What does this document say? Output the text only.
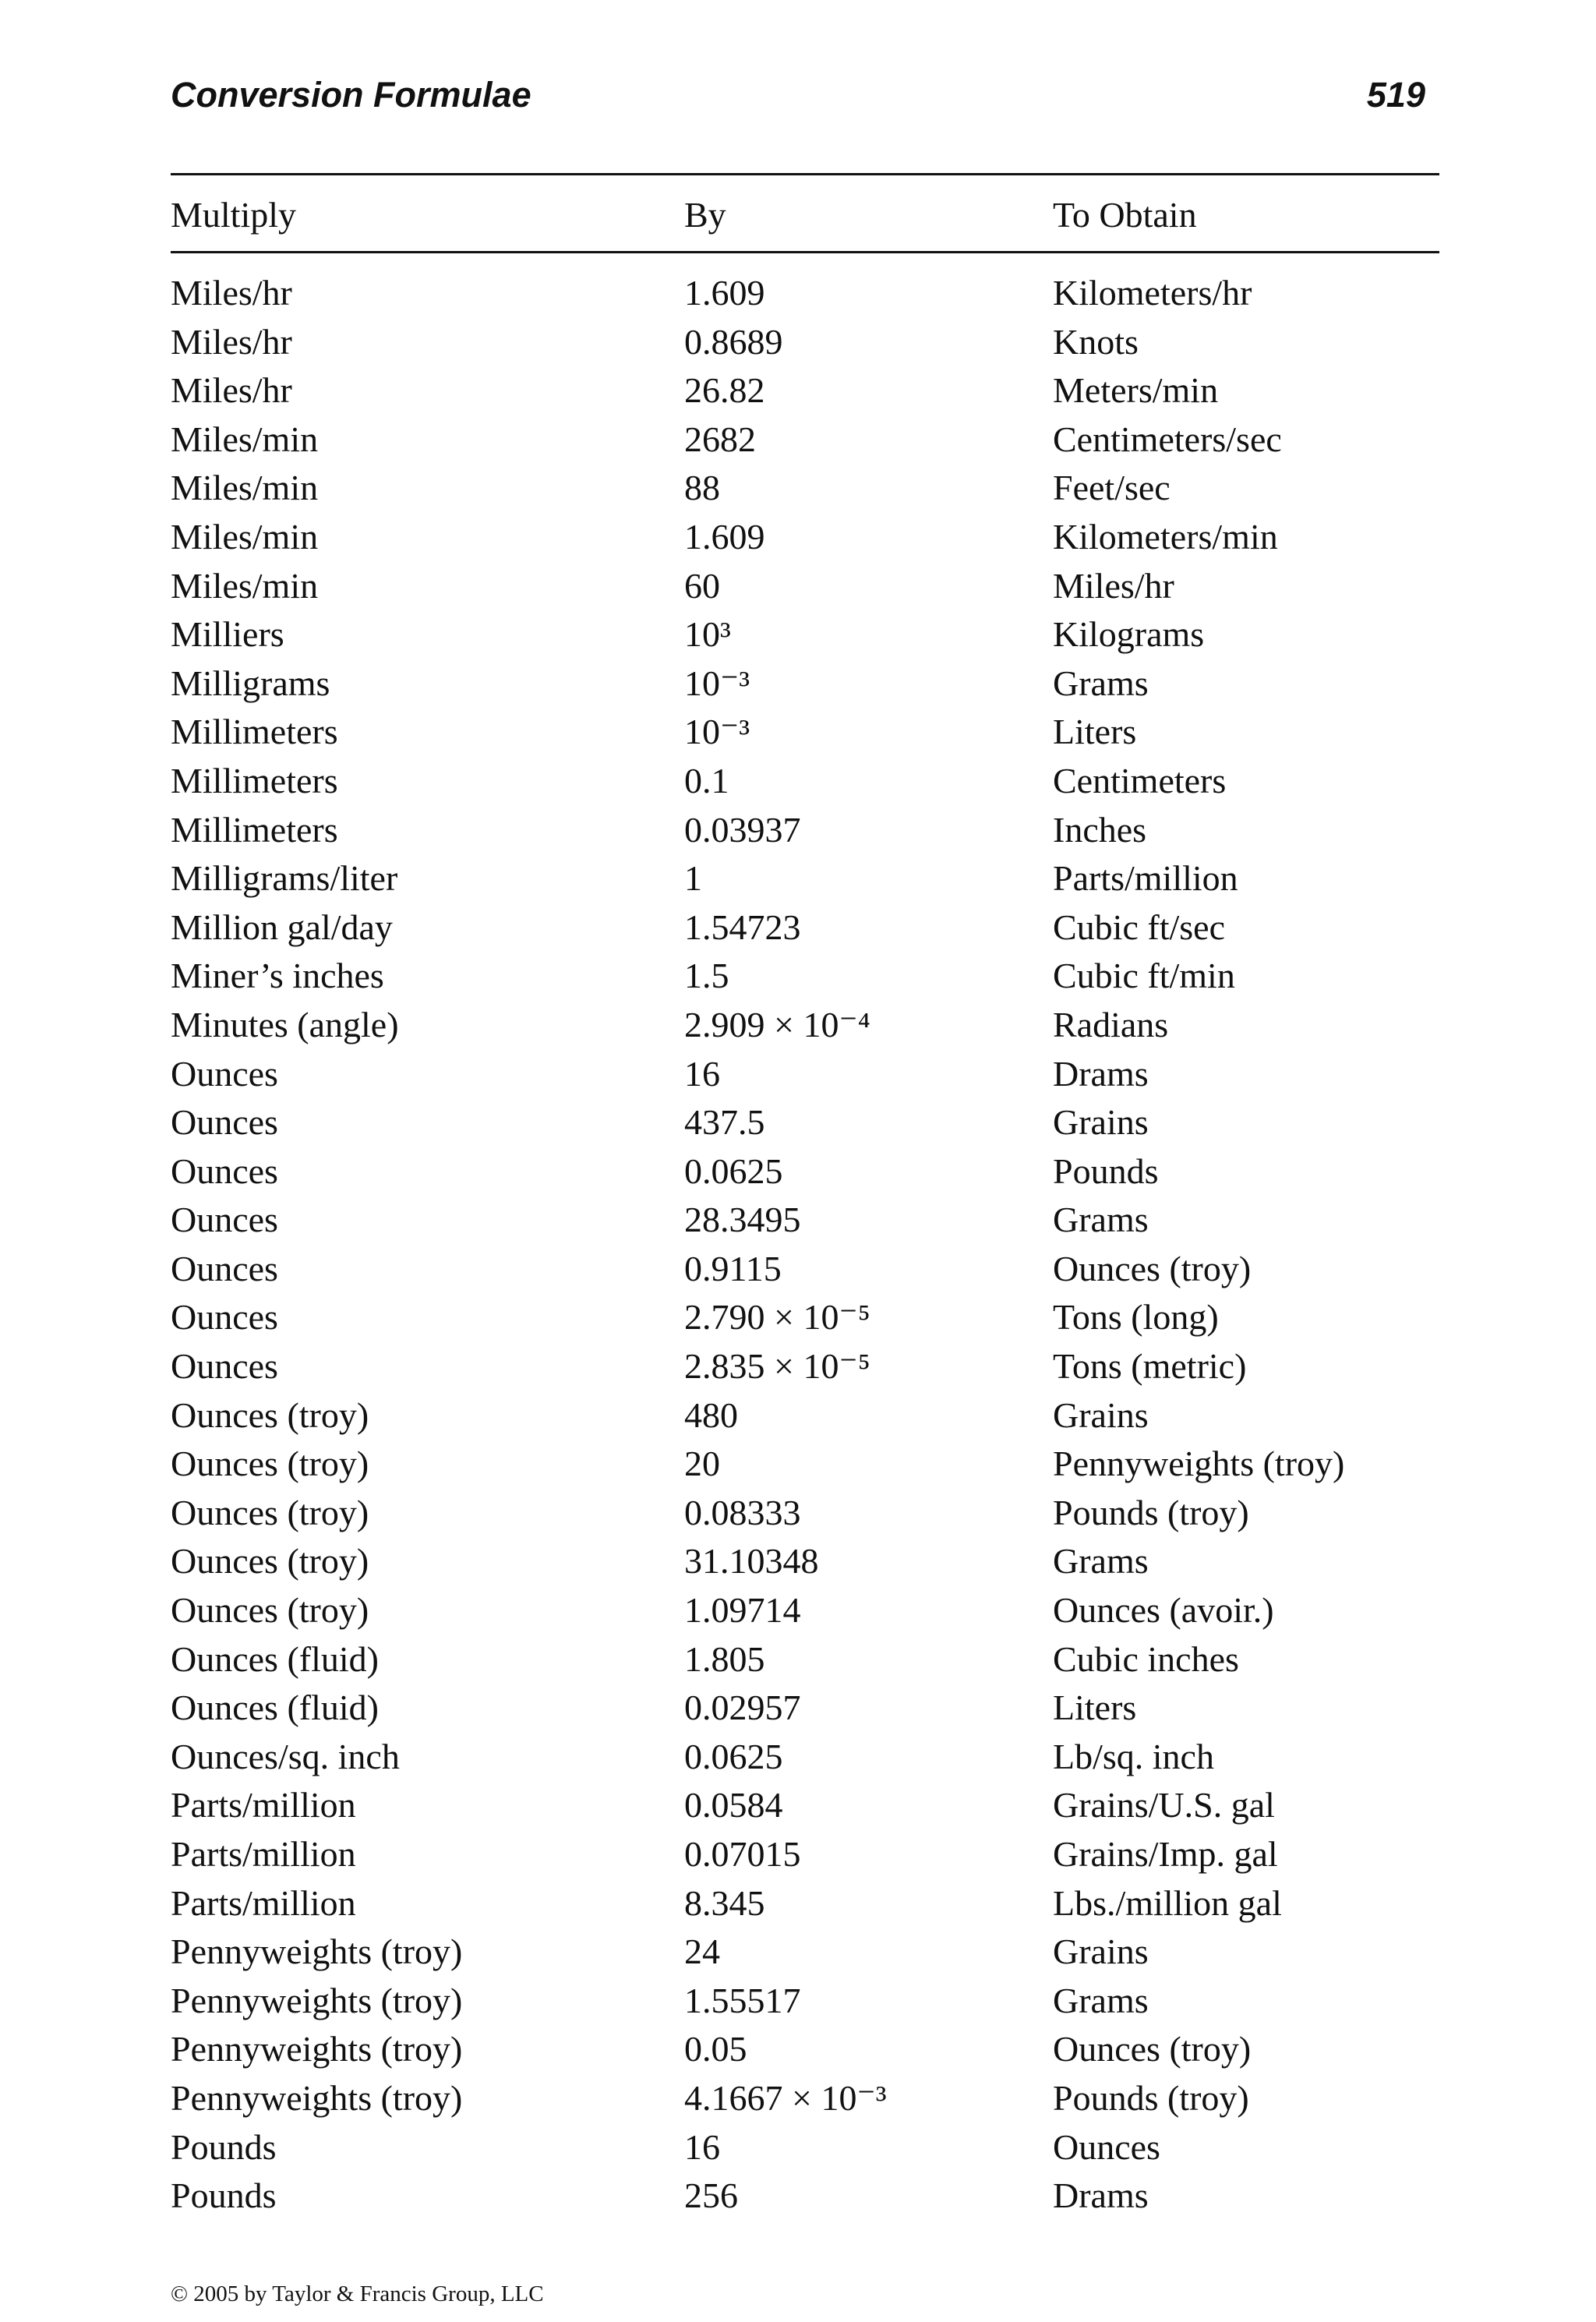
Conversion Formulae	519
Multiply	By	To Obtain
Miles/hr	1.609	Kilometers/hr
Miles/hr	0.8689	Knots
Miles/hr	26.82	Meters/min
Miles/min	2682	Centimeters/sec
Miles/min	88	Feet/sec
Miles/min	1.609	Kilometers/min
Miles/min	60	Miles/hr
Milliers	10³	Kilograms
Milligrams	10⁻³	Grams
Millimeters	10⁻³	Liters
Millimeters	0.1	Centimeters
Millimeters	0.03937	Inches
Milligrams/liter	1	Parts/million
Million gal/day	1.54723	Cubic ft/sec
Miner’s inches	1.5	Cubic ft/min
Minutes (angle)	2.909 × 10⁻⁴	Radians
Ounces	16	Drams
Ounces	437.5	Grains
Ounces	0.0625	Pounds
Ounces	28.3495	Grams
Ounces	0.9115	Ounces (troy)
Ounces	2.790 × 10⁻⁵	Tons (long)
Ounces	2.835 × 10⁻⁵	Tons (metric)
Ounces (troy)	480	Grains
Ounces (troy)	20	Pennyweights (troy)
Ounces (troy)	0.08333	Pounds (troy)
Ounces (troy)	31.10348	Grams
Ounces (troy)	1.09714	Ounces (avoir.)
Ounces (fluid)	1.805	Cubic inches
Ounces (fluid)	0.02957	Liters
Ounces/sq. inch	0.0625	Lb/sq. inch
Parts/million	0.0584	Grains/U.S. gal
Parts/million	0.07015	Grains/Imp. gal
Parts/million	8.345	Lbs./million gal
Pennyweights (troy)	24	Grains
Pennyweights (troy)	1.55517	Grams
Pennyweights (troy)	0.05	Ounces (troy)
Pennyweights (troy)	4.1667 × 10⁻³	Pounds (troy)
Pounds	16	Ounces
Pounds	256	Drams
© 2005 by Taylor & Francis Group, LLC
